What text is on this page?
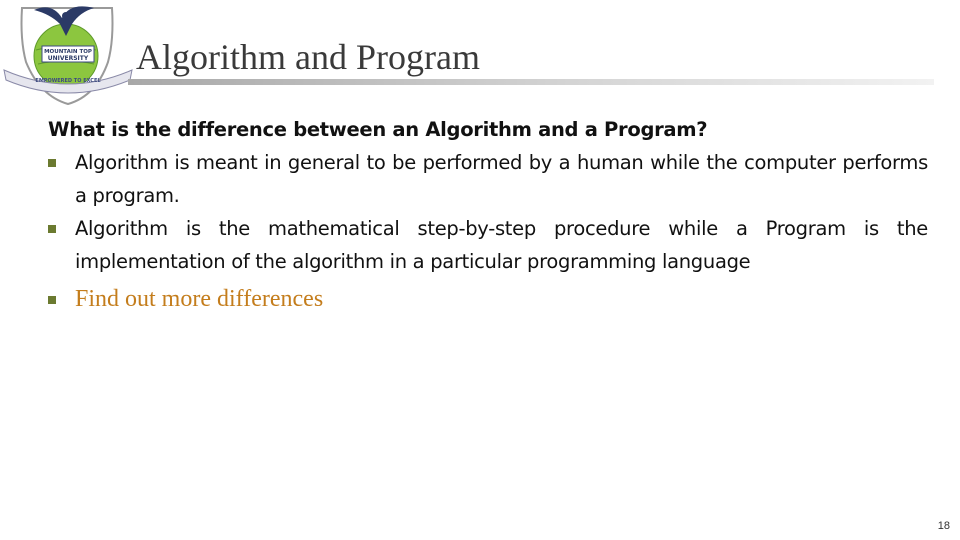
MOUNTAIN TOP
UNIVERSITY
EMPOWERED TO EXCEL
Algorithm and Program
What is the difference between an Algorithm and a Program?
Algorithm is meant in general to be performed by a human while the computer performs a program.
Algorithm is the mathematical step-by-step procedure while a Program is the implementation of the algorithm in a particular programming language
Find out more differences
18
